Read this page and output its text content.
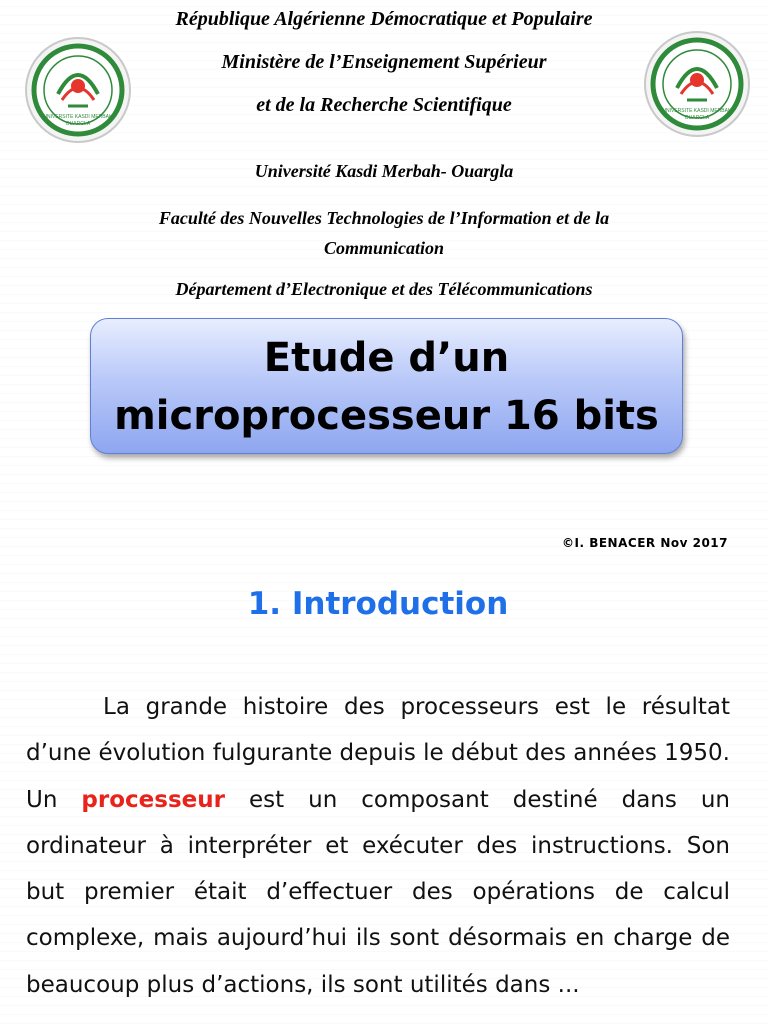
République Algérienne Démocratique et Populaire
Ministère de l’Enseignement Supérieur
et de la Recherche Scientifique
UNIVERSITE KASDI MERBAH
OUARGLA
UNIVERSITE KASDI MERBAH
OUARGLA
Université Kasdi Merbah- Ouargla
Faculté des Nouvelles Technologies de l’Information et de la Communication
Département d’Electronique et des Télécommunications
Etude d’un
microprocesseur 16 bits
©I. BENACER Nov 2017
1. Introduction

La grande histoire des processeurs est le résultat d’une évolution fulgurante depuis le début des années 1950. Un processeur est un composant destiné dans un ordinateur à interpréter et exécuter des instructions. Son but premier était d’effectuer des opérations de calcul complexe, mais aujourd’hui ils sont désormais en charge de beaucoup plus d’actions, ils sont utilités dans ...
